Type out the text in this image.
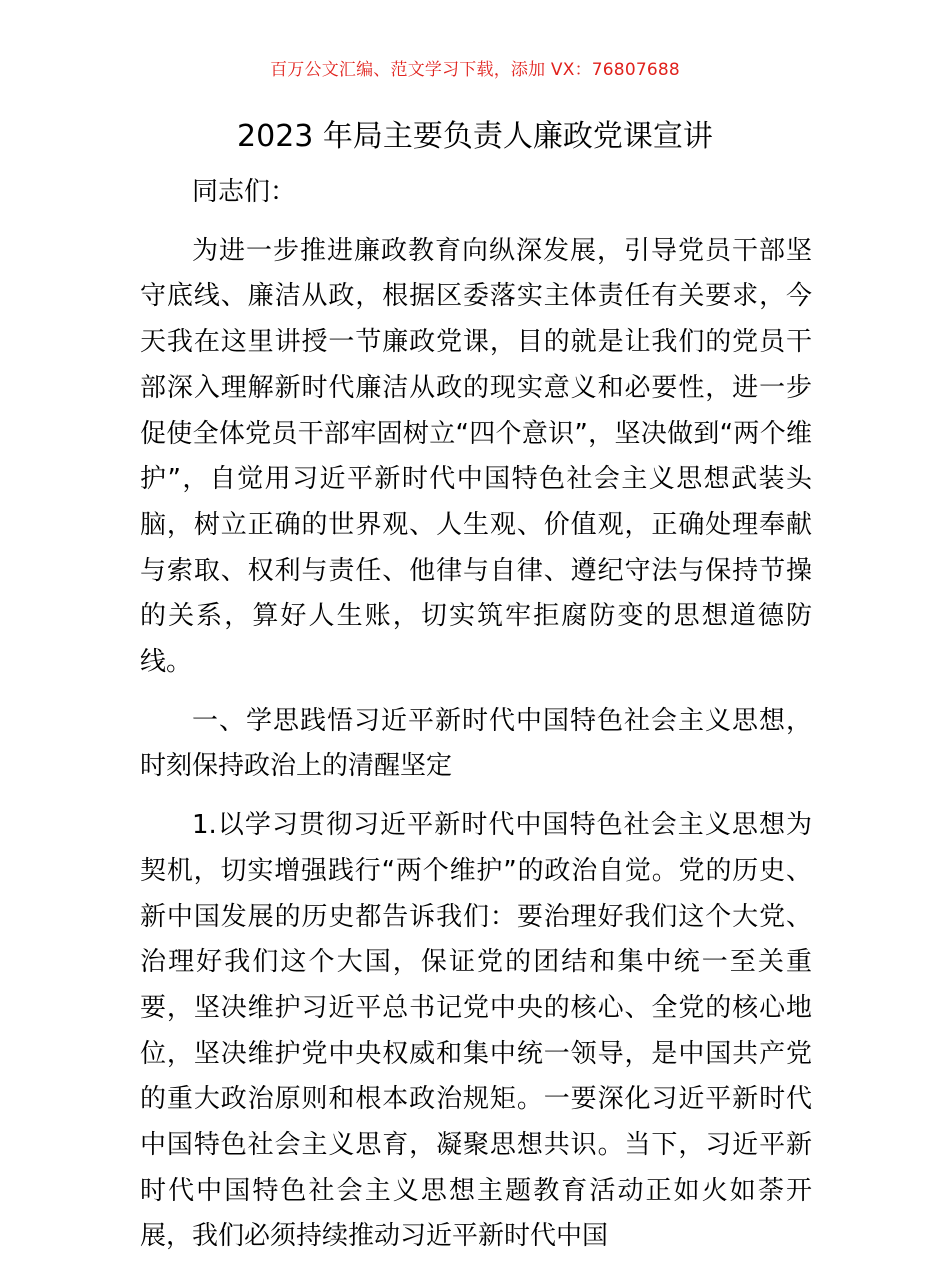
百万公文汇编、范文学习下载，添加 VX：76807688
2023 年局主要负责人廉政党课宣讲

同志们：

为进一步推进廉政教育向纵深发展，引导党员干部坚守底线、廉洁从政，根据区委落实主体责任有关要求，今天我在这里讲授一节廉政党课，目的就是让我们的党员干部深入理解新时代廉洁从政的现实意义和必要性，进一步促使全体党员干部牢固树立“四个意识”，坚决做到“两个维护”，自觉用习近平新时代中国特色社会主义思想武装头脑，树立正确的世界观、人生观、价值观，正确处理奉献与索取、权利与责任、他律与自律、遵纪守法与保持节操的关系，算好人生账，切实筑牢拒腐防变的思想道德防线。

一、学思践悟习近平新时代中国特色社会主义思想，时刻保持政治上的清醒坚定

1.以学习贯彻习近平新时代中国特色社会主义思想为契机，切实增强践行“两个维护”的政治自觉。党的历史、新中国发展的历史都告诉我们：要治理好我们这个大党、治理好我们这个大国，保证党的团结和集中统一至关重要，坚决维护习近平总书记党中央的核心、全党的核心地位，坚决维护党中央权威和集中统一领导，是中国共产党的重大政治原则和根本政治规矩。一要深化习近平新时代中国特色社会主义思育，凝聚思想共识。当下，习近平新时代中国特色社会主义思想主题教育活动正如火如荼开展，我们必须持续推动习近平新时代中国
